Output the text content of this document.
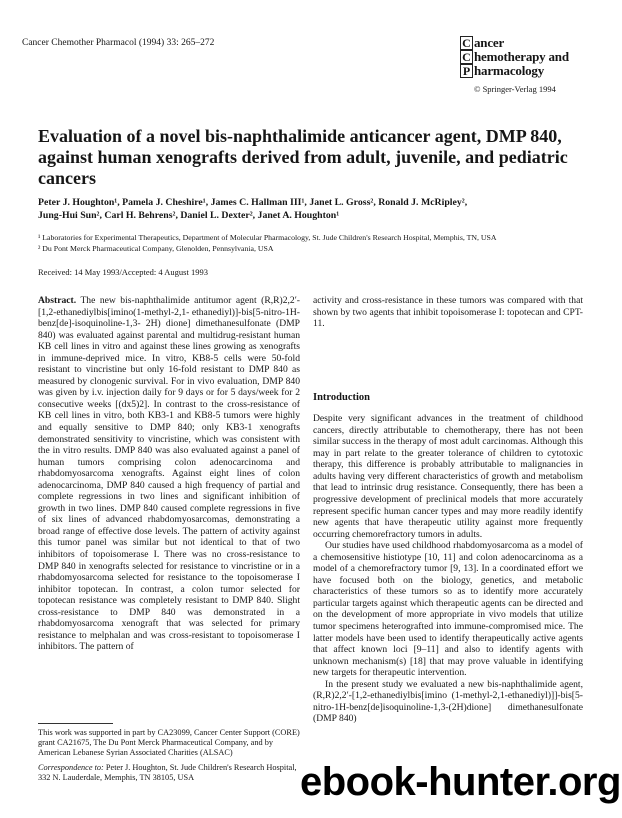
Cancer Chemother Pharmacol (1994) 33: 265–272	C ancer
C hemotherapy and
P harmacology
© Springer-Verlag 1994
Evaluation of a novel bis-naphthalimide anticancer agent, DMP 840, against human xenografts derived from adult, juvenile, and pediatric cancers
Peter J. Houghton¹, Pamela J. Cheshire¹, James C. Hallman III¹, Janet L. Gross², Ronald J. McRipley²,
Jung-Hui Sun², Carl H. Behrens², Daniel L. Dexter², Janet A. Houghton¹
¹ Laboratories for Experimental Therapeutics, Department of Molecular Pharmacology, St. Jude Children's Research Hospital, Memphis, TN, USA
² Du Pont Merck Pharmaceutical Company, Glenolden, Pennsylvania, USA
Received: 14 May 1993/Accepted: 4 August 1993

Abstract. The new bis-naphthalimide antitumor agent (R,R)2,2′-[1,2-ethanediylbis[imino(1-methyl-2,1- ethanediyl)]-bis[5-nitro-1H-benz[de]-isoquinoline-1,3- 2H) dione] dimethanesulfonate (DMP 840) was evaluated against parental and multidrug-resistant human KB cell lines in vitro and against these lines growing as xenografts in immune-deprived mice. In vitro, KB8-5 cells were 50-fold resistant to vincristine but only 16-fold resistant to DMP 840 as measured by clonogenic survival. For in vivo evaluation, DMP 840 was given by i.v. injection daily for 9 days or for 5 days/week for 2 consecutive weeks [(dx5)2]. In contrast to the cross-resistance of KB cell lines in vitro, both KB3-1 and KB8-5 tumors were highly and equally sensitive to DMP 840; only KB3-1 xenografts demonstrated sensitivity to vincristine, which was consistent with the in vitro results. DMP 840 was also evaluated against a panel of human tumors comprising colon adenocarcinoma and rhabdomyosarcoma xenografts. Against eight lines of colon adenocarcinoma, DMP 840 caused a high frequency of partial and complete regressions in two lines and significant inhibition of growth in two lines. DMP 840 caused complete regressions in five of six lines of advanced rhabdomyosarcomas, demonstrating a broad range of effective dose levels. The pattern of activity against this tumor panel was similar but not identical to that of two inhibitors of topoisomerase I. There was no cross-resistance to DMP 840 in xenografts selected for resistance to vincristine or in a rhabdomyosarcoma selected for resistance to the topoisomerase I inhibitor topotecan. In contrast, a colon tumor selected for topotecan resistance was completely resistant to DMP 840. Slight cross-resistance to DMP 840 was demonstrated in a rhabdomyosarcoma xenograft that was selected for primary resistance to melphalan and was cross-resistant to topoisomerase I inhibitors. The pattern of

activity and cross-resistance in these tumors was compared with that shown by two agents that inhibit topoisomerase I: topotecan and CPT-11.

Introduction

Despite very significant advances in the treatment of childhood cancers, directly attributable to chemotherapy, there has not been similar success in the therapy of most adult carcinomas. Although this may in part relate to the greater tolerance of children to cytotoxic therapy, this difference is probably attributable to malignancies in adults having very different characteristics of growth and metabolism that lead to intrinsic drug resistance. Consequently, there has been a progressive development of preclinical models that more accurately represent specific human cancer types and may more readily identify new agents that have therapeutic utility against more frequently occurring chemorefractory tumors in adults.

Our studies have used childhood rhabdomyosarcoma as a model of a chemosensitive histiotype [10, 11] and colon adenocarcinoma as a model of a chemorefractory tumor [9, 13]. In a coordinated effort we have focused both on the biology, genetics, and metabolic characteristics of these tumors so as to identify more accurately particular targets against which therapeutic agents can be directed and on the development of more appropriate in vivo models that utilize tumor specimens heterografted into immune-compromised mice. The latter models have been used to identify therapeutically active agents that affect known loci [9–11] and also to identify agents with unknown mechanism(s) [18] that may prove valuable in identifying new targets for therapeutic intervention.

In the present study we evaluated a new bis-naphthalimide agent, (R,R)2,2′-[1,2-ethanediylbis[imino (1-methyl-2,1-ethanediyl)]]-bis[5-nitro-1H-benz[de]isoquinoline-1,3-(2H)dione] dimethanesulfonate (DMP 840)

This work was supported in part by CA23099, Cancer Center Support (CORE) grant CA21675, The Du Pont Merck Pharmaceutical Company, and by American Lebanese Syrian Associated Charities (ALSAC)

Correspondence to: Peter J. Houghton, St. Jude Children's Research Hospital, 332 N. Lauderdale, Memphis, TN 38105, USA	ebook-hunter.org
